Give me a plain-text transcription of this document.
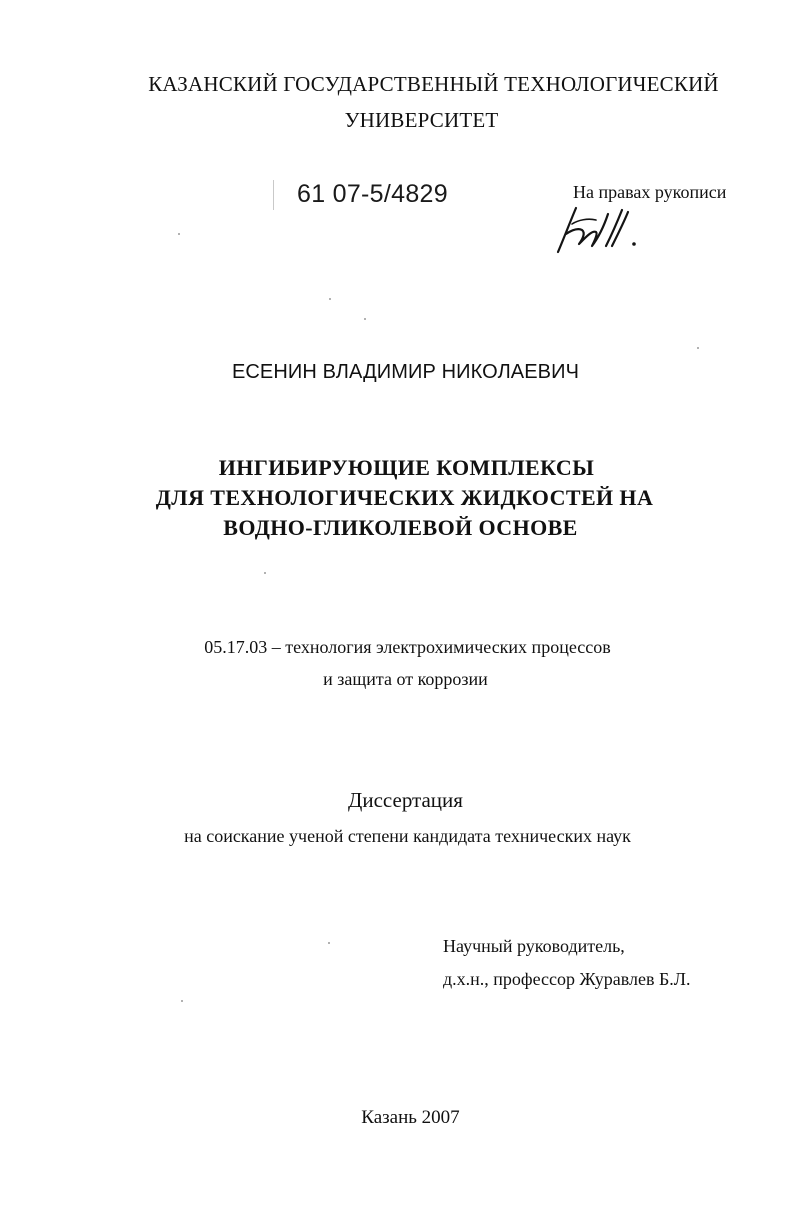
КАЗАНСКИЙ ГОСУДАРСТВЕННЫЙ ТЕХНОЛОГИЧЕСКИЙ
УНИВЕРСИТЕТ
61 07-5/4829	На правах рукописи
ЕСЕНИН ВЛАДИМИР НИКОЛАЕВИЧ
ИНГИБИРУЮЩИЕ КОМПЛЕКСЫ
ДЛЯ ТЕХНОЛОГИЧЕСКИХ ЖИДКОСТЕЙ НА
ВОДНО-ГЛИКОЛЕВОЙ ОСНОВЕ
05.17.03 – технология электрохимических процессов
и защита от коррозии
Диссертация
на соискание ученой степени кандидата технических наук
Научный руководитель,
д.х.н., профессор Журавлев Б.Л.
Казань 2007
